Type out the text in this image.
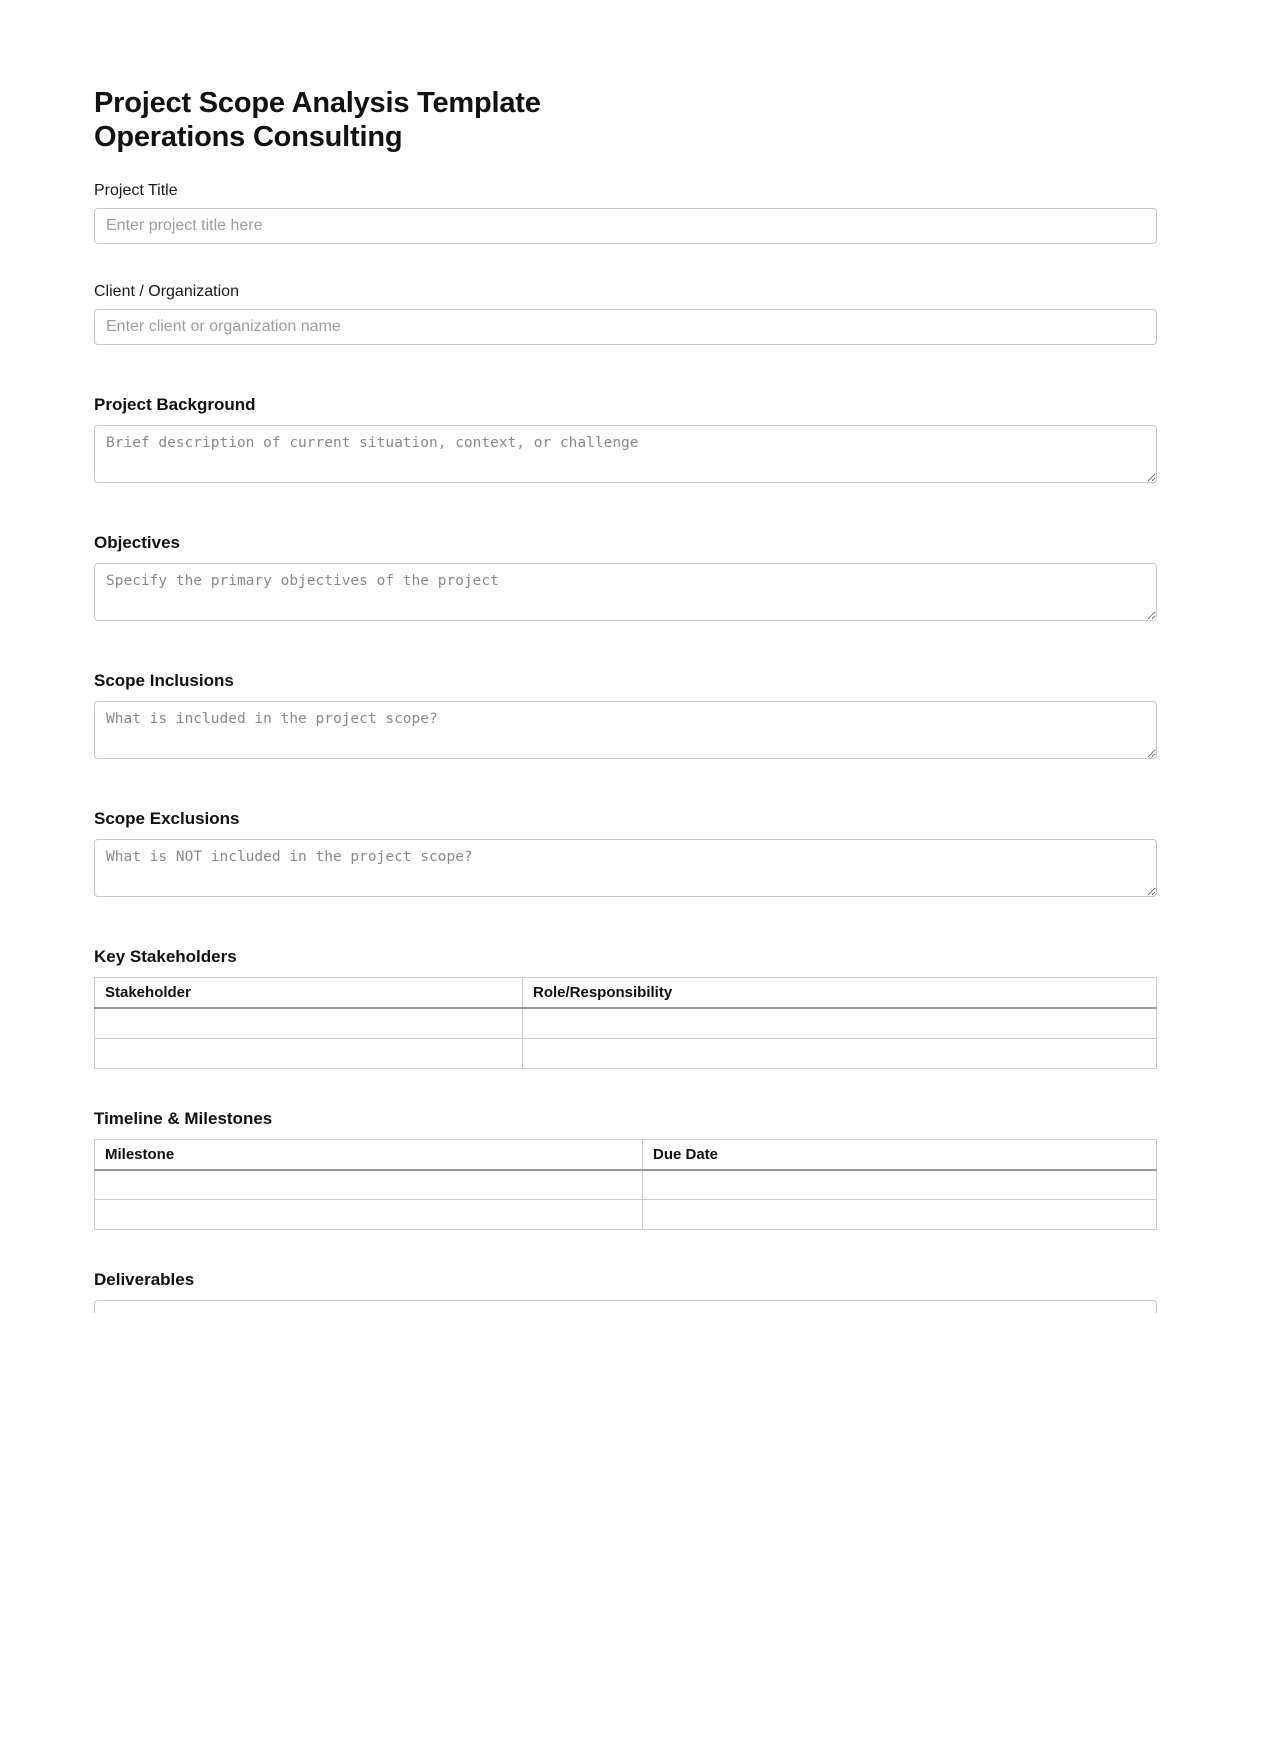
Project Scope Analysis Template
Operations Consulting
Project Title
Enter project title here
Client / Organization
Enter client or organization name
Project Background
Brief description of current situation, context, or challenge
Objectives
Specify the primary objectives of the project
Scope Inclusions
What is included in the project scope?
Scope Exclusions
What is NOT included in the project scope?
Key Stakeholders
Stakeholder	Role/Responsibility

Timeline & Milestones
Milestone	Due Date

Deliverables
